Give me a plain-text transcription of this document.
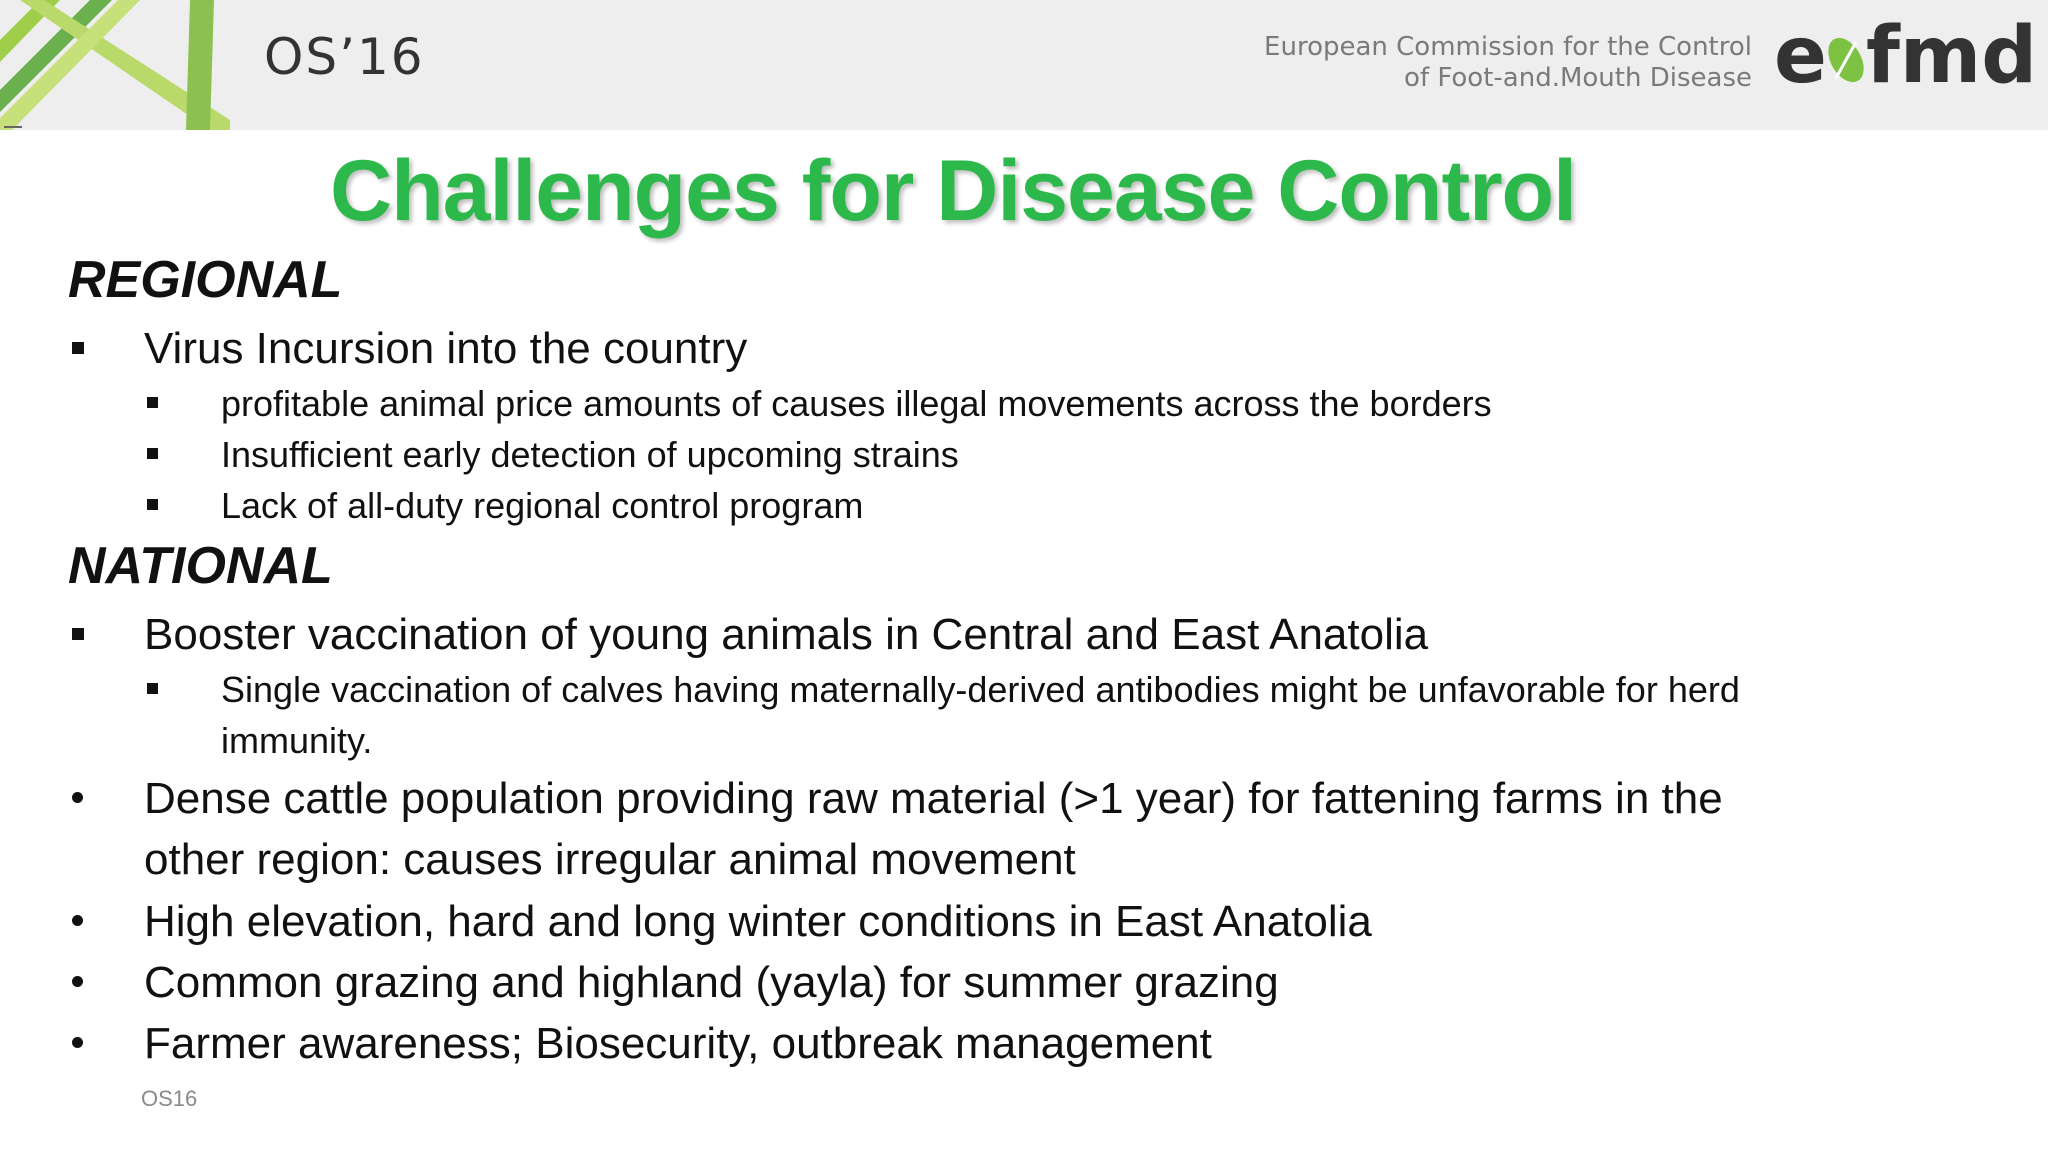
OS’16	European Commission for the Control
of Foot-and.Mouth Disease e fmd
Challenges for Disease Control
REGIONAL
Virus Incursion into the country
profitable animal price amounts of causes illegal movements across the borders
Insufficient early detection of upcoming strains
Lack of all-duty regional control program
NATIONAL
Booster vaccination of young animals in Central and East Anatolia
Single vaccination of calves having maternally-derived antibodies might be unfavorable for herd immunity.
Dense cattle population providing raw material (>1 year) for fattening farms in the other region: causes irregular animal movement
High elevation, hard and long winter conditions in East Anatolia
Common grazing and highland (yayla) for summer grazing
Farmer awareness; Biosecurity, outbreak management
OS16
